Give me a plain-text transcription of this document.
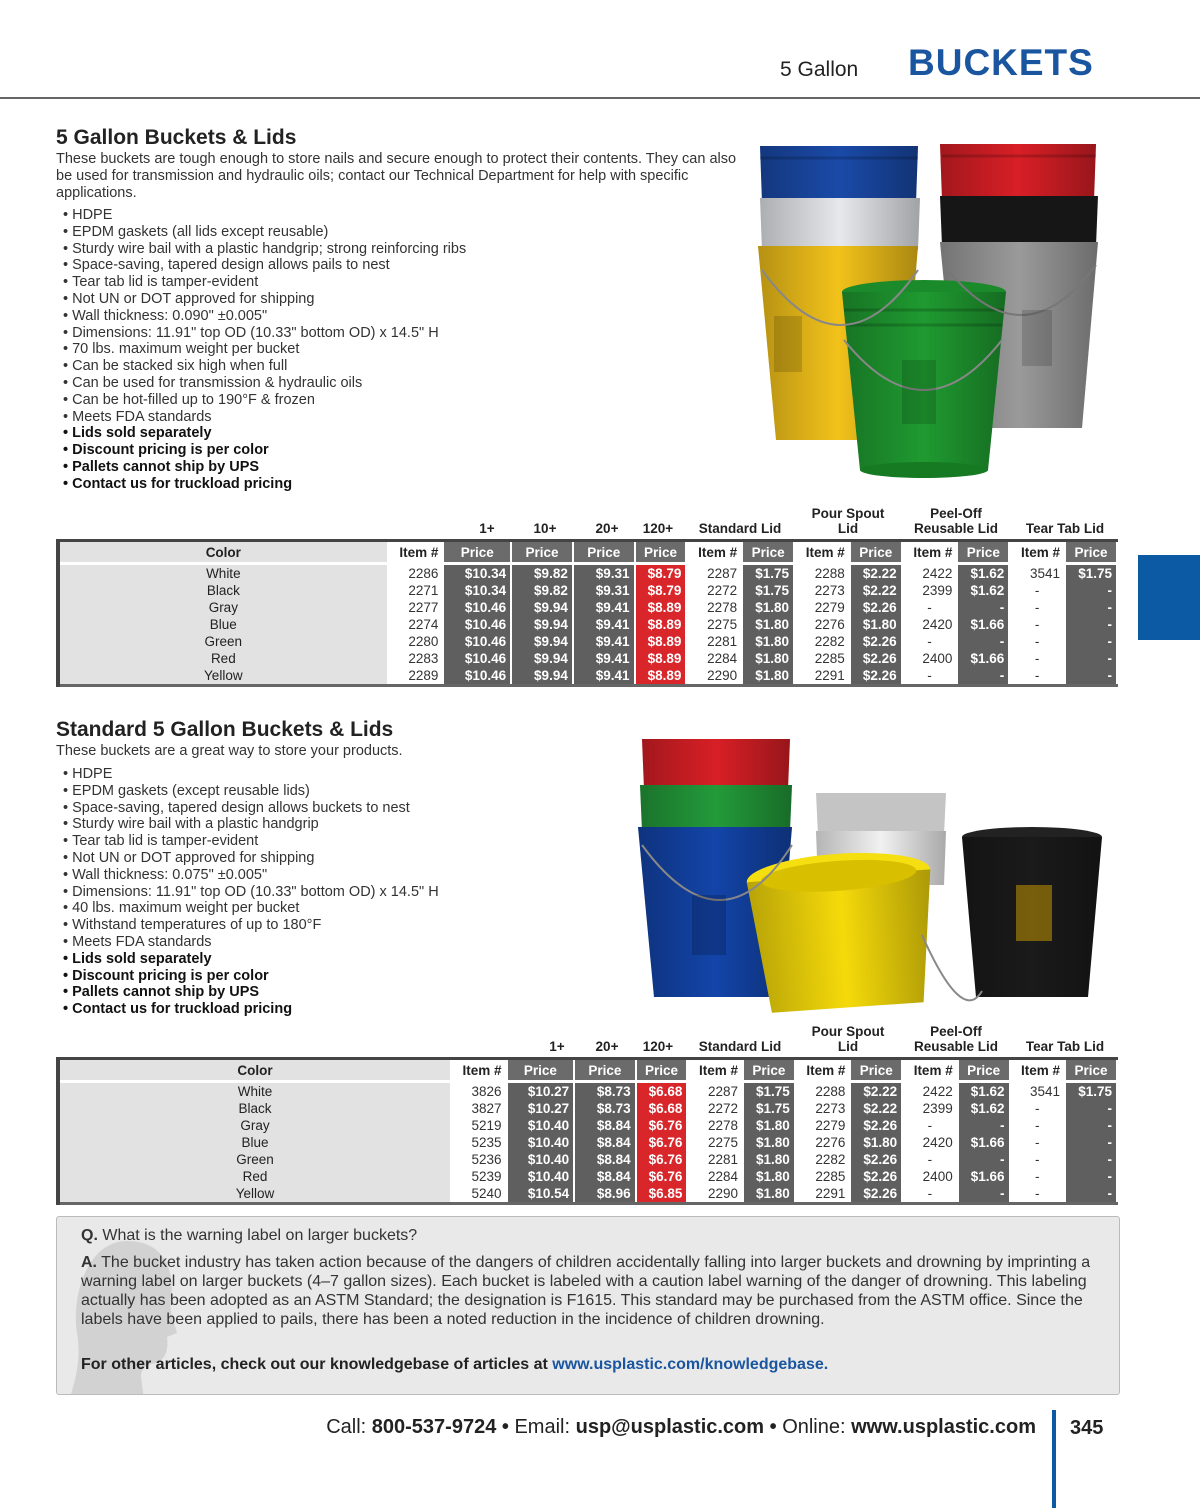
5 Gallon BUCKETS
5 Gallon Buckets & Lids
These buckets are tough enough to store nails and secure enough to protect their contents. They can also be used for transmission and hydraulic oils; contact our Technical Department for help with specific applications.
• HDPE
• EPDM gaskets (all lids except reusable)
• Sturdy wire bail with a plastic handgrip; strong reinforcing ribs
• Space-saving, tapered design allows pails to nest
• Tear tab lid is tamper-evident
• Not UN or DOT approved for shipping
• Wall thickness: 0.090" ±0.005"
• Dimensions: 11.91" top OD (10.33" bottom OD) x 14.5" H
• 70 lbs. maximum weight per bucket
• Can be stacked six high when full
• Can be used for transmission & hydraulic oils
• Can be hot-filled up to 190°F & frozen
• Meets FDA standards
• Lids sold separately
• Discount pricing is per color
• Pallets cannot ship by UPS
• Contact us for truckload pricing
1+	10+	20+	120+	Standard Lid
Pour Spout
Lid
Peel-Off
Reusable Lid	Tear Tab Lid
Color	Item #	Price	Price	Price	Price	Item #	Price	Item #	Price	Item #	Price	Item #	Price
White	2286	$10.34	$9.82	$9.31	$8.79	2287	$1.75	2288	$2.22	2422	$1.62	3541	$1.75
Black	2271	$10.34	$9.82	$9.31	$8.79	2272	$1.75	2273	$2.22	2399	$1.62	-	-
Gray	2277	$10.46	$9.94	$9.41	$8.89	2278	$1.80	2279	$2.26	-	-	-	-
Blue	2274	$10.46	$9.94	$9.41	$8.89	2275	$1.80	2276	$1.80	2420	$1.66	-	-
Green	2280	$10.46	$9.94	$9.41	$8.89	2281	$1.80	2282	$2.26	-	-	-	-
Red	2283	$10.46	$9.94	$9.41	$8.89	2284	$1.80	2285	$2.26	2400	$1.66	-	-
Yellow	2289	$10.46	$9.94	$9.41	$8.89	2290	$1.80	2291	$2.26	-	-	-	-
Standard 5 Gallon Buckets & Lids
These buckets are a great way to store your products.
• HDPE
• EPDM gaskets (except reusable lids)
• Space-saving, tapered design allows buckets to nest
• Sturdy wire bail with a plastic handgrip
• Tear tab lid is tamper-evident
• Not UN or DOT approved for shipping
• Wall thickness: 0.075" ±0.005"
• Dimensions: 11.91" top OD (10.33" bottom OD) x 14.5" H
• 40 lbs. maximum weight per bucket
• Withstand temperatures of up to 180°F
• Meets FDA standards
• Lids sold separately
• Discount pricing is per color
• Pallets cannot ship by UPS
• Contact us for truckload pricing
1+	20+	120+	Standard Lid
Pour Spout
Lid
Peel-Off
Reusable Lid	Tear Tab Lid
Color	Item #	Price	Price	Price	Item #	Price	Item #	Price	Item #	Price	Item #	Price
White	3826	$10.27	$8.73	$6.68	2287	$1.75	2288	$2.22	2422	$1.62	3541	$1.75
Black	3827	$10.27	$8.73	$6.68	2272	$1.75	2273	$2.22	2399	$1.62	-	-
Gray	5219	$10.40	$8.84	$6.76	2278	$1.80	2279	$2.26	-	-	-	-
Blue	5235	$10.40	$8.84	$6.76	2275	$1.80	2276	$1.80	2420	$1.66	-	-
Green	5236	$10.40	$8.84	$6.76	2281	$1.80	2282	$2.26	-	-	-	-
Red	5239	$10.40	$8.84	$6.76	2284	$1.80	2285	$2.26	2400	$1.66	-	-
Yellow	5240	$10.54	$8.96	$6.85	2290	$1.80	2291	$2.26	-	-	-	-
Q. What is the warning label on larger buckets?
A. The bucket industry has taken action because of the dangers of children accidentally falling into larger buckets and drowning by imprinting a warning label on larger buckets (4–7 gallon sizes). Each bucket is labeled with a caution label warning of the danger of drowning. This labeling actually has been adopted as an ASTM Standard; the designation is F1615. This standard may be purchased from the ASTM office. Since the labels have been applied to pails, there has been a noted reduction in the incidence of children drowning.
For other articles, check out our knowledgebase of articles at www.usplastic.com/knowledgebase.
Call: 800-537-9724 • Email: usp@usplastic.com • Online: www.usplastic.com 345
